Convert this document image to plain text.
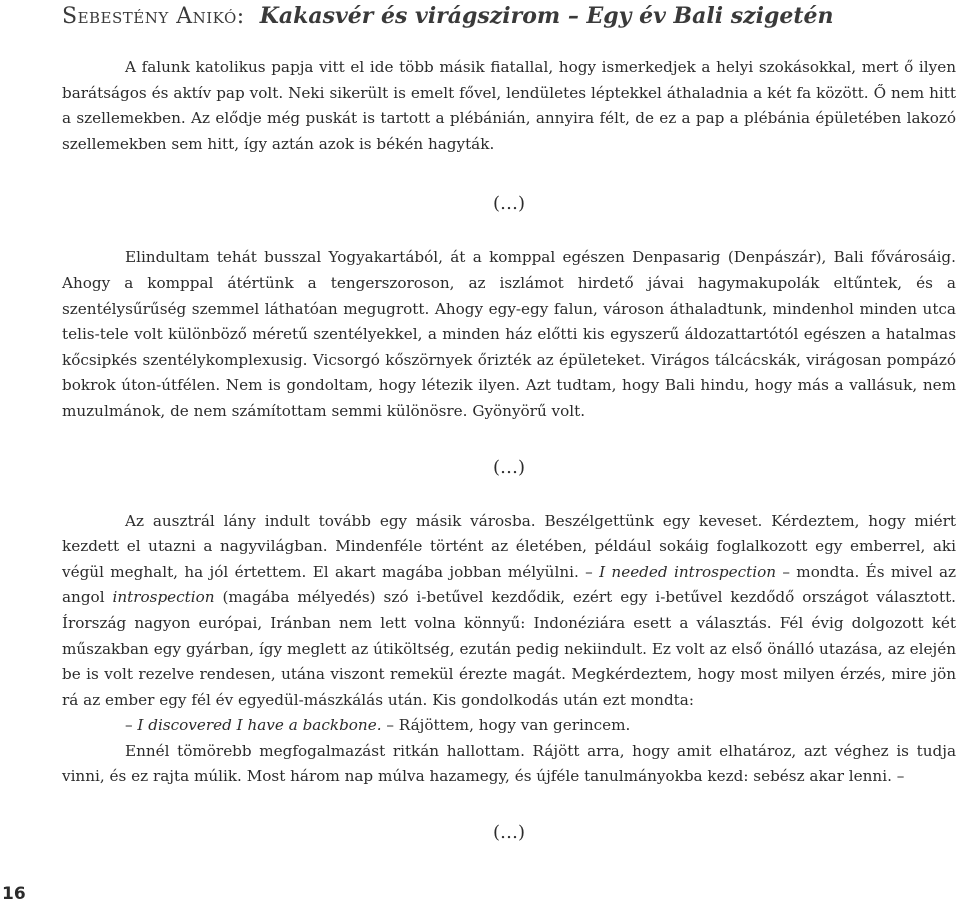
Sebestény Anikó: Kakasvér és virágszirom – Egy év Bali szigetén

A falunk katolikus papja vitt el ide több másik fiatallal, hogy ismerkedjek a helyi szokásokkal, mert ő ilyen barátságos és aktív pap volt. Neki sikerült is emelt fővel, lendületes léptekkel áthaladnia a két fa között. Ő nem hitt a szellemekben. Az elődje még puskát is tartott a plébánián, annyira félt, de ez a pap a plébánia épületében lakozó szellemekben sem hitt, így aztán azok is békén hagyták.

(…)

Elindultam tehát busszal Yogyakartából, át a komppal egészen Denpasarig (Denpászár), Bali fővárosáig. Ahogy a komppal átértünk a tengerszoroson, az iszlámot hirdető jávai hagymakupolák eltűntek, és a szentélysűrűség szemmel láthatóan megugrott. Ahogy egy-egy falun, városon áthaladtunk, mindenhol minden utca telis-tele volt különböző méretű szentélyekkel, a minden ház előtti kis egyszerű áldozattartótól egészen a hatalmas kőcsipkés szentélykomplexusig. Vicsorgó kőszörnyek őrizték az épületeket. Virágos tálcácskák, virágosan pompázó bokrok úton-útfélen. Nem is gondoltam, hogy létezik ilyen. Azt tudtam, hogy Bali hindu, hogy más a vallásuk, nem muzulmánok, de nem számítottam semmi különösre. Gyönyörű volt.

(…)

Az ausztrál lány indult tovább egy másik városba. Beszélgettünk egy keveset. Kérdeztem, hogy miért kezdett el utazni a nagyvilágban. Mindenféle történt az életében, például sokáig foglalkozott egy emberrel, aki végül meghalt, ha jól értettem. El akart magába jobban mélyülni. – I needed introspection – mondta. És mivel az angol introspection (magába mélyedés) szó i-betűvel kezdődik, ezért egy i-betűvel kezdődő országot választott. Írország nagyon európai, Iránban nem lett volna könnyű: Indonéziára esett a választás. Fél évig dolgozott két műszakban egy gyárban, így meglett az útiköltség, ezután pedig nekiindult. Ez volt az első önálló utazása, az elején be is volt rezelve rendesen, utána viszont remekül érezte magát. Megkérdeztem, hogy most milyen érzés, mire jön rá az ember egy fél év egyedül-mászkálás után. Kis gondolkodás után ezt mondta:

– I discovered I have a backbone. – Rájöttem, hogy van gerincem.

Ennél tömörebb megfogalmazást ritkán hallottam. Rájött arra, hogy amit elhatároz, azt véghez is tudja vinni, és ez rajta múlik. Most három nap múlva hazamegy, és újféle tanulmányokba kezd: sebész akar lenni. –

(…)
16
